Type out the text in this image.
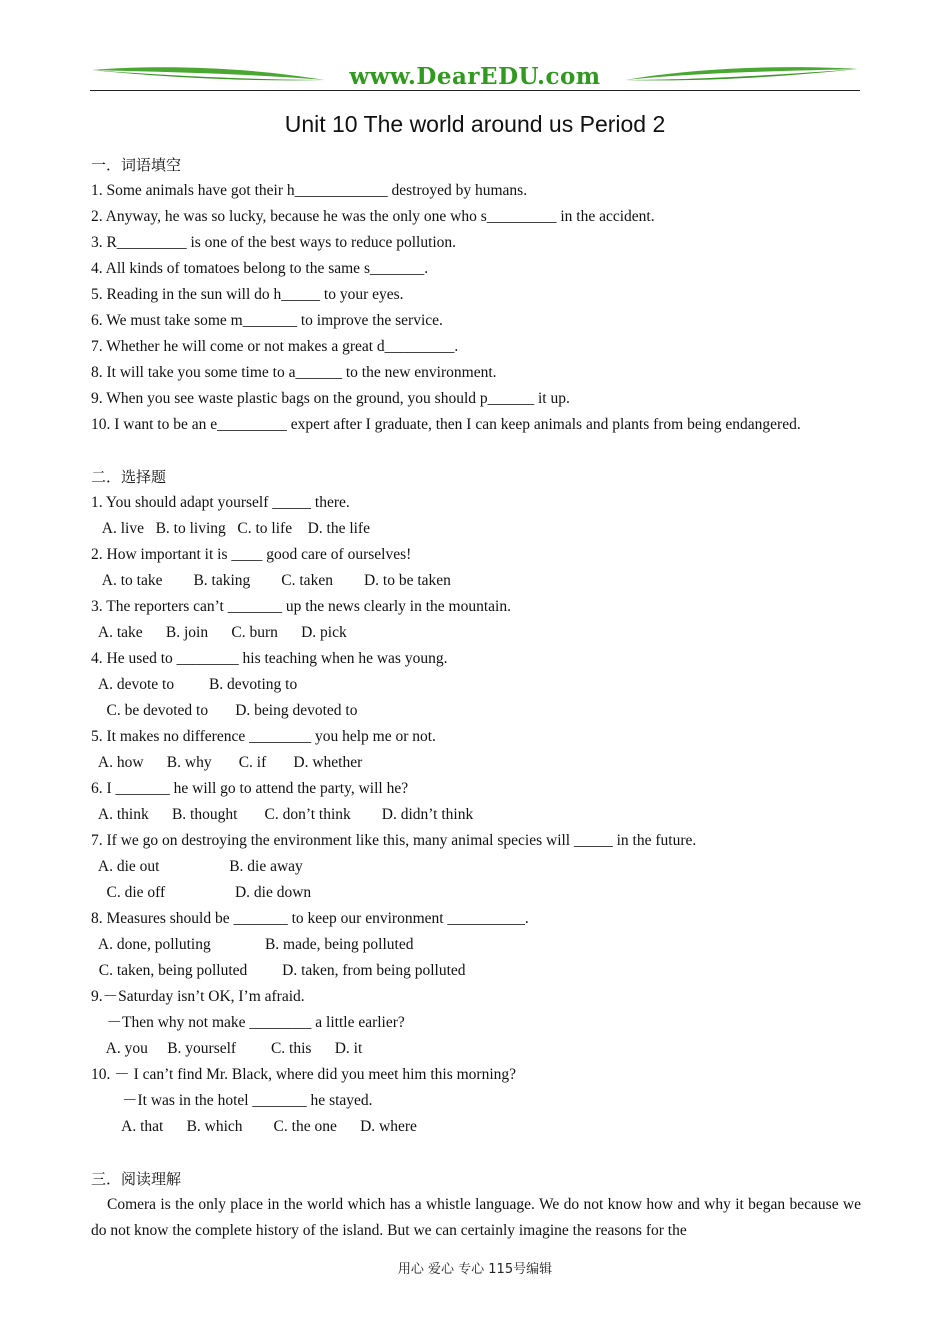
www.DearEDU.com
Unit 10 The world around us Period 2
一．词语填空
1. Some animals have got their h____________ destroyed by humans.
2. Anyway, he was so lucky, because he was the only one who s_________ in the accident.
3. R_________ is one of the best ways to reduce pollution.
4. All kinds of tomatoes belong to the same s_______.
5. Reading in the sun will do h_____ to your eyes.
6. We must take some m_______ to improve the service.
7. Whether he will come or not makes a great d_________.
8. It will take you some time to a______ to the new environment.
9. When you see waste plastic bags on the ground, you should p______ it up.
10. I want to be an e_________ expert after I graduate, then I can keep animals and plants from being endangered.
二．选择题
1. You should adapt yourself _____ there.
A. live   B. to living   C. to life    D. the life
2. How important it is ____ good care of ourselves!
A. to take        B. taking        C. taken        D. to be taken
3. The reporters can’t _______ up the news clearly in the mountain.
A. take      B. join      C. burn      D. pick
4. He used to ________ his teaching when he was young.
A. devote to         B. devoting to
C. be devoted to       D. being devoted to
5. It makes no difference ________ you help me or not.
A. how      B. why       C. if       D. whether
6. I _______ he will go to attend the party, will he?
A. think      B. thought       C. don’t think        D. didn’t think
7. If we go on destroying the environment like this, many animal species will _____ in the future.
A. die out                  B. die away
C. die off                  D. die down
8. Measures should be _______ to keep our environment __________.
A. done, polluting              B. made, being polluted
C. taken, being polluted         D. taken, from being polluted
9.－Saturday isn’t OK, I’m afraid.
－Then why not make ________ a little earlier?
A. you     B. yourself         C. this      D. it
10. － I can’t find Mr. Black, where did you meet him this morning?
－It was in the hotel _______ he stayed.
A. that      B. which        C. the one      D. where
三．阅读理解
Comera is the only place in the world which has a whistle language. We do not know how and why it began because we do not know the complete history of the island. But we can certainly imagine the reasons for the
用心 爱心 专心 115号编辑
